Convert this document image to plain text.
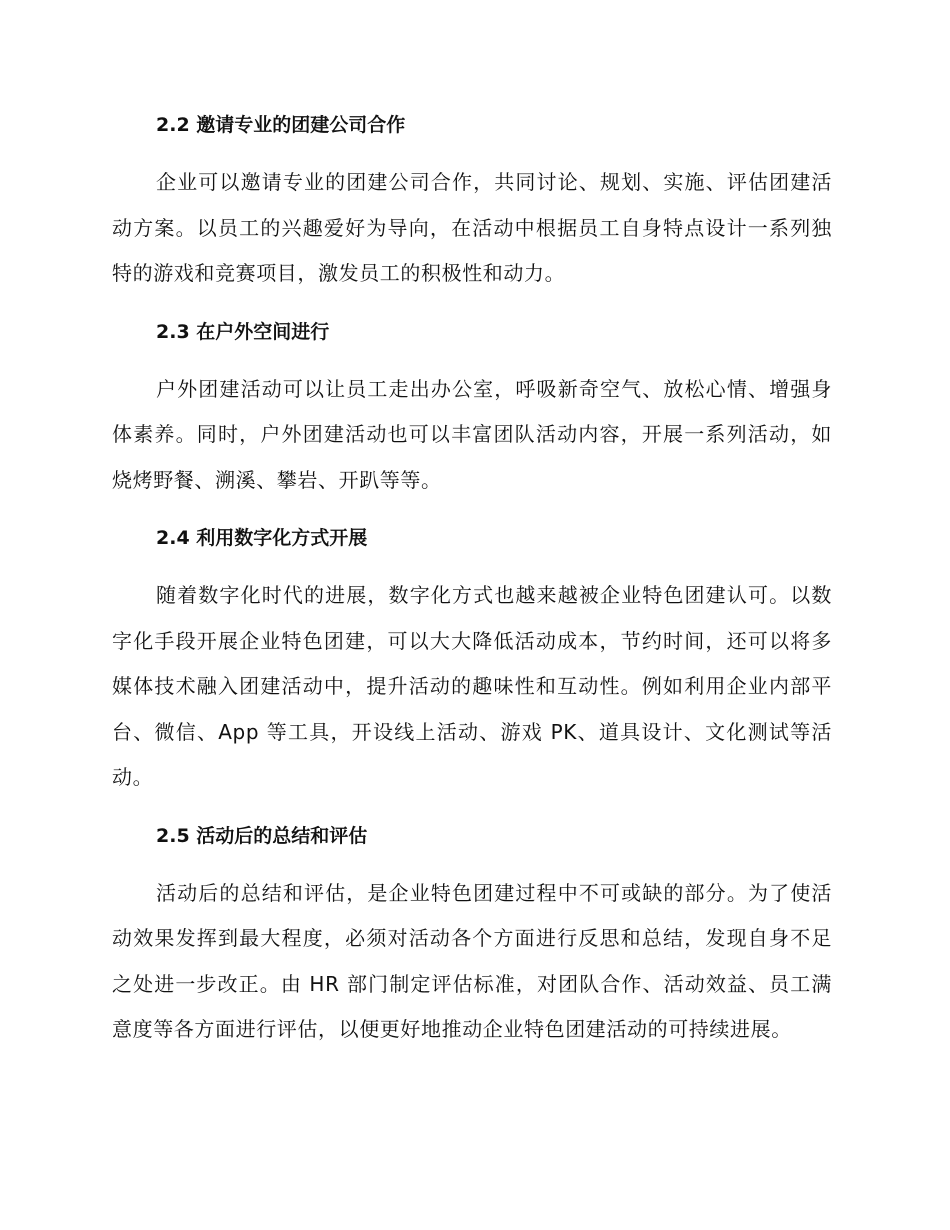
2.2 邀请专业的团建公司合作

企业可以邀请专业的团建公司合作，共同讨论、规划、实施、评估团建活动方案。以员工的兴趣爱好为导向，在活动中根据员工自身特点设计一系列独特的游戏和竞赛项目，激发员工的积极性和动力。

2.3 在户外空间进行

户外团建活动可以让员工走出办公室，呼吸新奇空气、放松心情、增强身体素养。同时，户外团建活动也可以丰富团队活动内容，开展一系列活动，如烧烤野餐、溯溪、攀岩、开趴等等。

2.4 利用数字化方式开展

随着数字化时代的进展，数字化方式也越来越被企业特色团建认可。以数字化手段开展企业特色团建，可以大大降低活动成本，节约时间，还可以将多媒体技术融入团建活动中，提升活动的趣味性和互动性。例如利用企业内部平台、微信、App 等工具，开设线上活动、游戏 PK、道具设计、文化测试等活动。

2.5 活动后的总结和评估

活动后的总结和评估，是企业特色团建过程中不可或缺的部分。为了使活动效果发挥到最大程度，必须对活动各个方面进行反思和总结，发现自身不足之处进一步改正。由 HR 部门制定评估标准，对团队合作、活动效益、员工满意度等各方面进行评估，以便更好地推动企业特色团建活动的可持续进展。
